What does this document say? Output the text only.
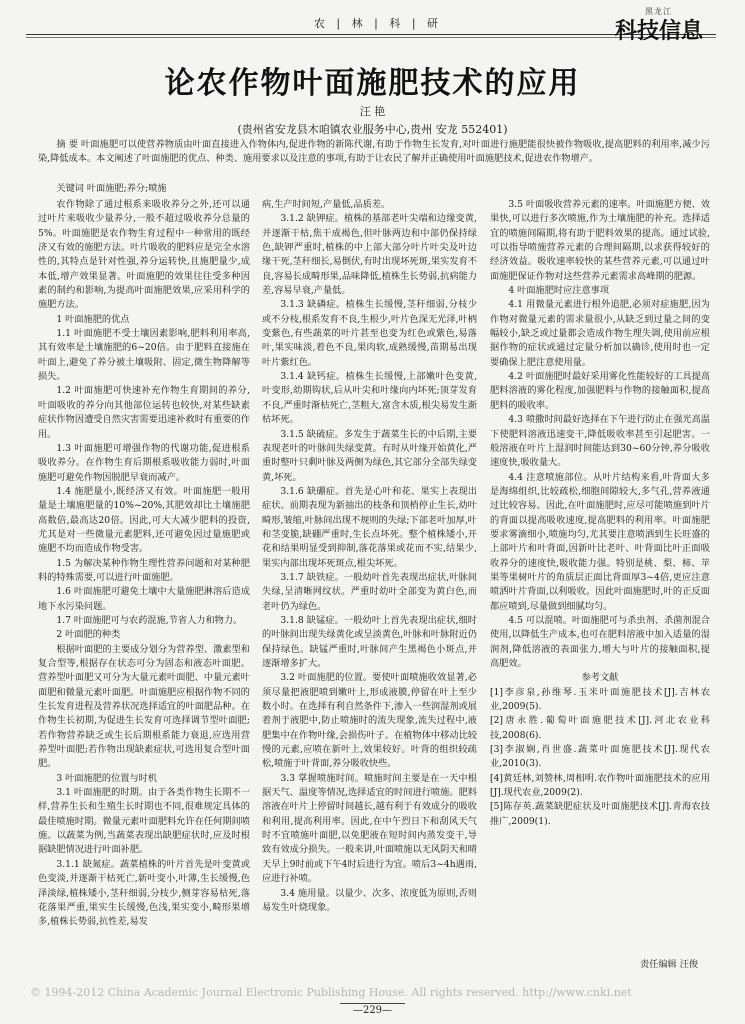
农 | 林 | 科 | 研
黑龙江
科技信息
论农作物叶面施肥技术的应用
汪 艳
(贵州省安龙县木咱镇农业服务中心,贵州 安龙 552401)
摘 要 叶面施肥可以使营养物质由叶面直接进入作物体内,促进作物的新陈代谢,有助于作物生长发育,对叶面进行施肥能很快被作物吸收,提高肥料的利用率,减少污染,降低成本。本文阐述了叶面施肥的优点、种类、施用要求以及注意的事项,有助于让农民了解并正确使用叶面施肥技术,促进农作物增产。
关键词 叶面施肥;养分;喷施

农作物除了通过根系来吸收养分之外,还可以通过叶片来吸收少量养分,一般不超过吸收养分总量的5%。叶面施肥是农作物生育过程中一种常用的既经济又有效的施肥方法。叶片吸收的肥料应是完全水溶性的,其特点是针对性强,养分运转快,且施肥量少,成本低,增产效果显著。叶面施肥的效果往往受多种因素的制约和影响,为提高叶面施肥效果,应采用科学的施肥方法。

1 叶面施肥的优点

1.1 叶面施肥不受土壤因素影响,肥料利用率高,其有效率是土壤施肥的6~20倍。由于肥料直接施在叶面上,避免了养分被土壤吸附、固定,微生物降解等损失。

1.2 叶面施肥可快速补充作物生育期间的养分,叶面吸收的养分向其他部位运转也较快,对某些缺素症状作物因遭受自然灾害需要迅速补救时有重要的作用。

1.3 叶面施肥可增强作物的代谢功能,促进根系吸收养分。在作物生育后期根系吸收能力弱时,叶面施肥可避免作物因脱肥早衰而减产。

1.4 施肥量小,既经济又有效。叶面施肥一般用量是土壤施肥量的10%~20%,其肥效却比土壤施肥高数倍,最高达20倍。因此,可大大减少肥料的投资,尤其是对一些微量元素肥料,还可避免因过量施肥或施肥不均而造成作物受害。

1.5 为解决某种作物生理性营养问题和对某种肥料的特殊需要,可以进行叶面施肥。

1.6 叶面施肥可避免土壤中大量施肥淋溶后造成地下水污染问题。

1.7 叶面施肥可与农药混施,节省人力和物力。

2 叶面肥的种类

根据叶面肥的主要成分划分为营养型、激素型和复合型等,根据存在状态可分为固态和液态叶面肥。营养型叶面肥又可分为大量元素叶面肥、中量元素叶面肥和微量元素叶面肥。叶面施肥应根据作物不同的生长发育进程及营养状况选择适宜的叶面肥品种。在作物生长初期,为促进生长发育可选择调节型叶面肥;若作物营养缺乏或生长后期根系能力衰退,应选用营养型叶面肥;若作物出现缺素症状,可选用复合型叶面肥。

3 叶面施肥的位置与时机

3.1 叶面施肥的时期。由于各类作物生长期不一样,营养生长和生殖生长时期也不同,很难规定具体的最佳喷施时期。微量元素叶面肥料允许在任何期间喷施。以蔬菜为例,当蔬菜表现出缺肥症状时,应及时根据缺肥情况进行叶面补肥。

3.1.1 缺氮症。蔬菜植株的叶片首先是叶变黄或色变淡,并逐渐干枯死亡,新叶变小,叶薄,生长缓慢,色泽淡绿,植株矮小,茎秆细弱,分枝少,侧芽容易枯死,落花落果严重,果实生长缓慢,色浅,果实变小,畸形果增多,植株长势弱,抗性差,易发

病,生产时间短,产量低,品质差。

3.1.2 缺钾症。植株的基部老叶尖端和边缘变黄,并逐渐干枯,焦干成褐色,但叶脉两边和中部仍保持绿色,缺钾严重时,植株的中上部大部分叶片叶尖及叶边缘干死,茎秆细长,易倒伏,有时出现坏死斑,果实发育不良,容易长成畸形果,品味降低,植株生长势弱,抗病能力差,容易早衰,产量低。

3.1.3 缺磷症。植株生长缓慢,茎秆细弱,分枝少或不分枝,根系发育不良,生根少,叶片色深无光泽,叶柄变紫色,有些蔬菜的叶片甚至也变为红色或紫色,易落叶,果实味淡,着色不良,果肉软,成熟缓慢,苗期易出现叶片紫红色。

3.1.4 缺钙症。植株生长缓慢,上部嫩叶色变黄,叶变形,幼期钩状,后从叶尖和叶缘向内坏死;顶芽发育不良,严重时渐枯死亡,茎粗大,富含木质,根尖易发生渐枯坏死。

3.1.5 缺硫症。多发生于蔬菜生长的中后期,主要表现老叶的叶脉间失绿变黄。有时从叶缘开始黄化,严重时整叶只剩叶脉及两侧为绿色,其它部分全部失绿变黄,坏死。

3.1.6 缺硼症。首先是心叶和花、果实上表现出症状。前期表现为新抽出的枝条和顶梢停止生长,幼叶畸形,皱缩,叶脉间出现不规则的失绿;下部老叶加厚,叶和茎变脆,缺硼严重时,生长点坏死。整个植株矮小,开花和结果明显受到抑制,落花落果或花而不实,结果少,果实内部出现坏死斑点,根尖坏死。

3.1.7 缺铁症。一般幼叶首先表现出症状,叶脉间失绿,呈清晰网纹状。严重时幼叶全部变为黄白色,而老叶仍为绿色。

3.1.8 缺锰症。一般幼叶上首先表现出症状,细时的叶脉间出现失绿黄化或呈淡黄色,叶脉和叶脉附近仍保持绿色。缺锰严重时,叶脉间产生黑褐色小斑点,并逐渐增多扩大。

3.2 叶面施肥的位置。要使叶面喷施收效显著,必须尽量把液肥喷到嫩叶上,形成液膜,停留在叶上至少数小时。在选择有利自然条件下,渗入一些润湿剂或展着剂于液肥中,防止喷施时的流失现象,流失过程中,液肥集中在作物叶缘,会损伤叶子。在植物体中移动比较慢的元素,应喷在新叶上,效果较好。叶背的组织较疏松,喷施于叶背面,养分吸收快些。

3.3 掌握喷施时间。喷施时间主要是在一天中根据天气、温度等情况,选择适宜的时间进行喷施。肥料溶液在叶片上停留时间越长,越有利于有效成分的吸收和利用,提高利用率。因此,在中午烈日下和刮风天气时不宜喷施叶面肥,以免肥液在短时间内蒸发变干,导致有效成分损失。一般来讲,叶面喷施以无风阴天和晴天早上9时前或下午4时后进行为宜。喷后3~4h遇雨,应进行补喷。

3.4 施用量。以量少、次多、浓度低为原则,否则易发生叶烧现象。

3.5 叶面吸收营养元素的速率。叶面施肥方便、效果快,可以进行多次喷施,作为土壤施肥的补充。选择适宜的喷施间隔期,将有助于肥料效果的提高。通过试验,可以指导喷施营养元素的合理间隔期,以求获得较好的经济效益。吸收速率较快的某些营养元素,可以通过叶面施肥保证作物对这些营养元素需求高峰期的肥源。

4 叶面施肥时应注意事项

4.1 用微量元素进行根外追肥,必须对症施肥,因为作物对微量元素的需求量很小,从缺乏到过量之间的变幅较小,缺乏或过量都会造成作物生理失调,使用前应根据作物的症状或通过定量分析加以确诊,使用时也一定要确保上肥注意使用量。

4.2 叶面施肥时最好采用雾化性能较好的工具提高肥料溶液的雾化程度,加强肥料与作物的接触面积,提高肥料的吸收率。

4.3 喷撒时间最好选择在下午进行防止在强光高温下使肥料溶液迅速变干,降低吸收率甚至引起肥害。一般溶液在叶片上湿润时间能达到30~60分钟,养分吸收速度快,吸收量大。

4.4 注意喷施部位。从叶片结构来看,叶背面大多是海绵组织,比较疏松,细胞间隙较大,多气孔,营养液通过比较容易。因此,在叶面施肥时,应尽可能喷施到叶片的背面以提高吸收速度,提高肥料的利用率。叶面施肥要求雾滴细小,喷施均匀,尤其要注意喷洒到生长旺盛的上部叶片和叶背面,因新叶比老叶、叶背面比叶正面吸收养分的速度快,吸收能力强。特别是桃、梨、柿、苹果等果树叶片的角质层正面比背面厚3~4倍,更应注意喷洒叶片背面,以利吸收。因此叶面施肥时,叶的正反面都应喷到,尽量做到细腻均匀。

4.5 可以混喷。叶面施肥可与杀虫剂、杀菌剂混合使用,以降低生产成本,也可在肥料溶液中加入适量的湿润剂,降低溶液的表面张力,增大与叶片的接触面积,提高肥效。

参考文献

[1]李彦泉,孙维琴.玉米叶面施肥技术[J].吉林农业,2009(5).

[2]唐永胜.葡萄叶面施肥技术[J].河北农业科技,2008(6).

[3]李淑娴,肖世盛.蔬菜叶面施肥技术[J].现代农业,2010(3).

[4]黄廷林,刘赞林,周相明.农作物叶面施肥技术的应用[J].现代农业,2009(2).

[5]陈存英.蔬菜缺肥症状及叶面施肥技术[J].青海农技推广,2009(1).

责任编辑 汪俊
© 1994-2012 China Academic Journal Electronic Publishing House. All rights reserved. http://www.cnki.net
—229—
